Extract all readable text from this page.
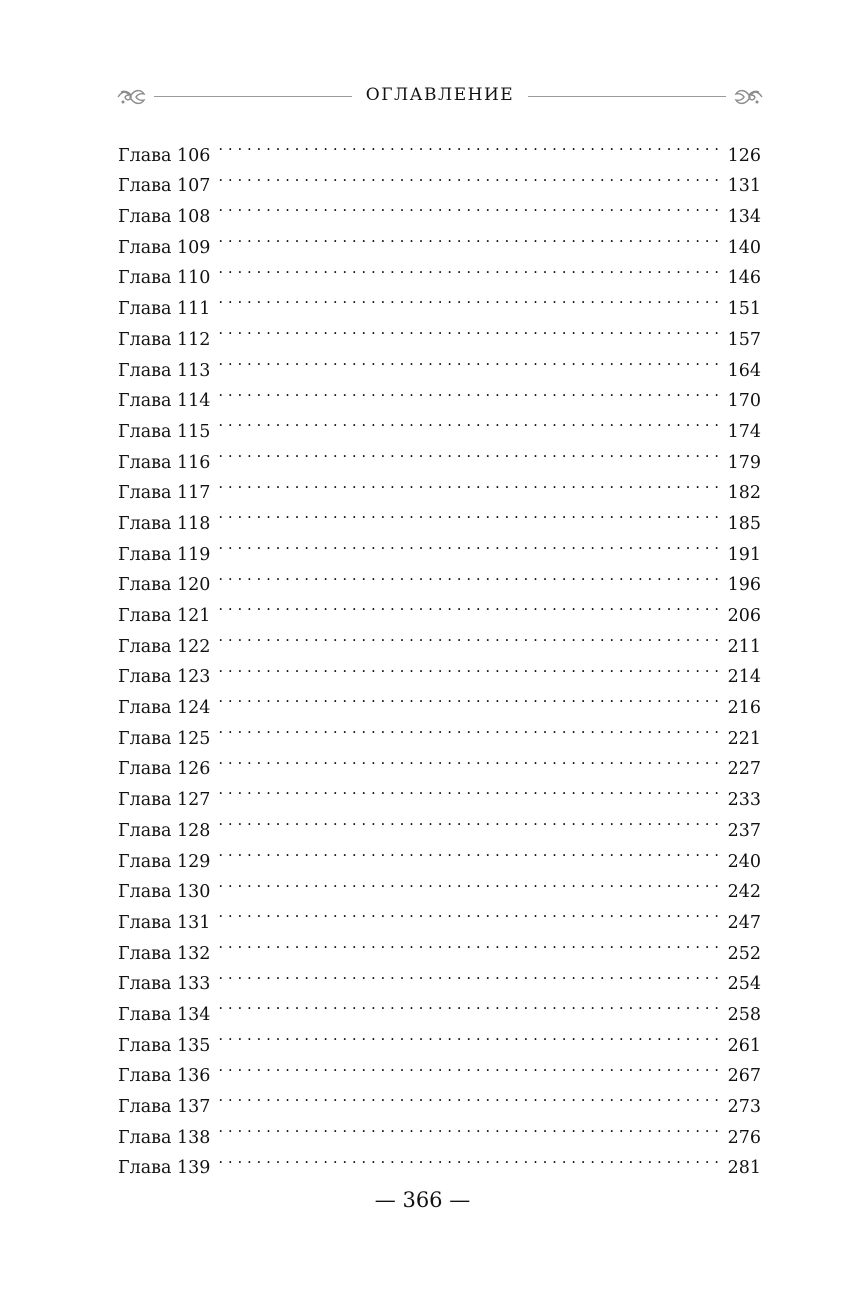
ОГЛАВЛЕНИЕ
Глава 106 . . .	126
Глава 107 . . .	131
Глава 108 . . .	134
Глава 109 . . .	140
Глава 110 . . .	146
Глава 111 . . .	151
Глава 112 . . .	157
Глава 113 . . .	164
Глава 114 . . .	170
Глава 115 . . .	174
Глава 116 . . .	179
Глава 117 . . .	182
Глава 118 . . .	185
Глава 119 . . .	191
Глава 120 . . .	196
Глава 121 . . .	206
Глава 122 . . .	211
Глава 123 . . .	214
Глава 124 . . .	216
Глава 125 . . .	221
Глава 126 . . .	227
Глава 127 . . .	233
Глава 128 . . .	237
Глава 129 . . .	240
Глава 130 . . .	242
Глава 131 . . .	247
Глава 132 . . .	252
Глава 133 . . .	254
Глава 134 . . .	258
Глава 135 . . .	261
Глава 136 . . .	267
Глава 137 . . .	273
Глава 138 . . .	276
Глава 139 . . .	281
— 366 —
